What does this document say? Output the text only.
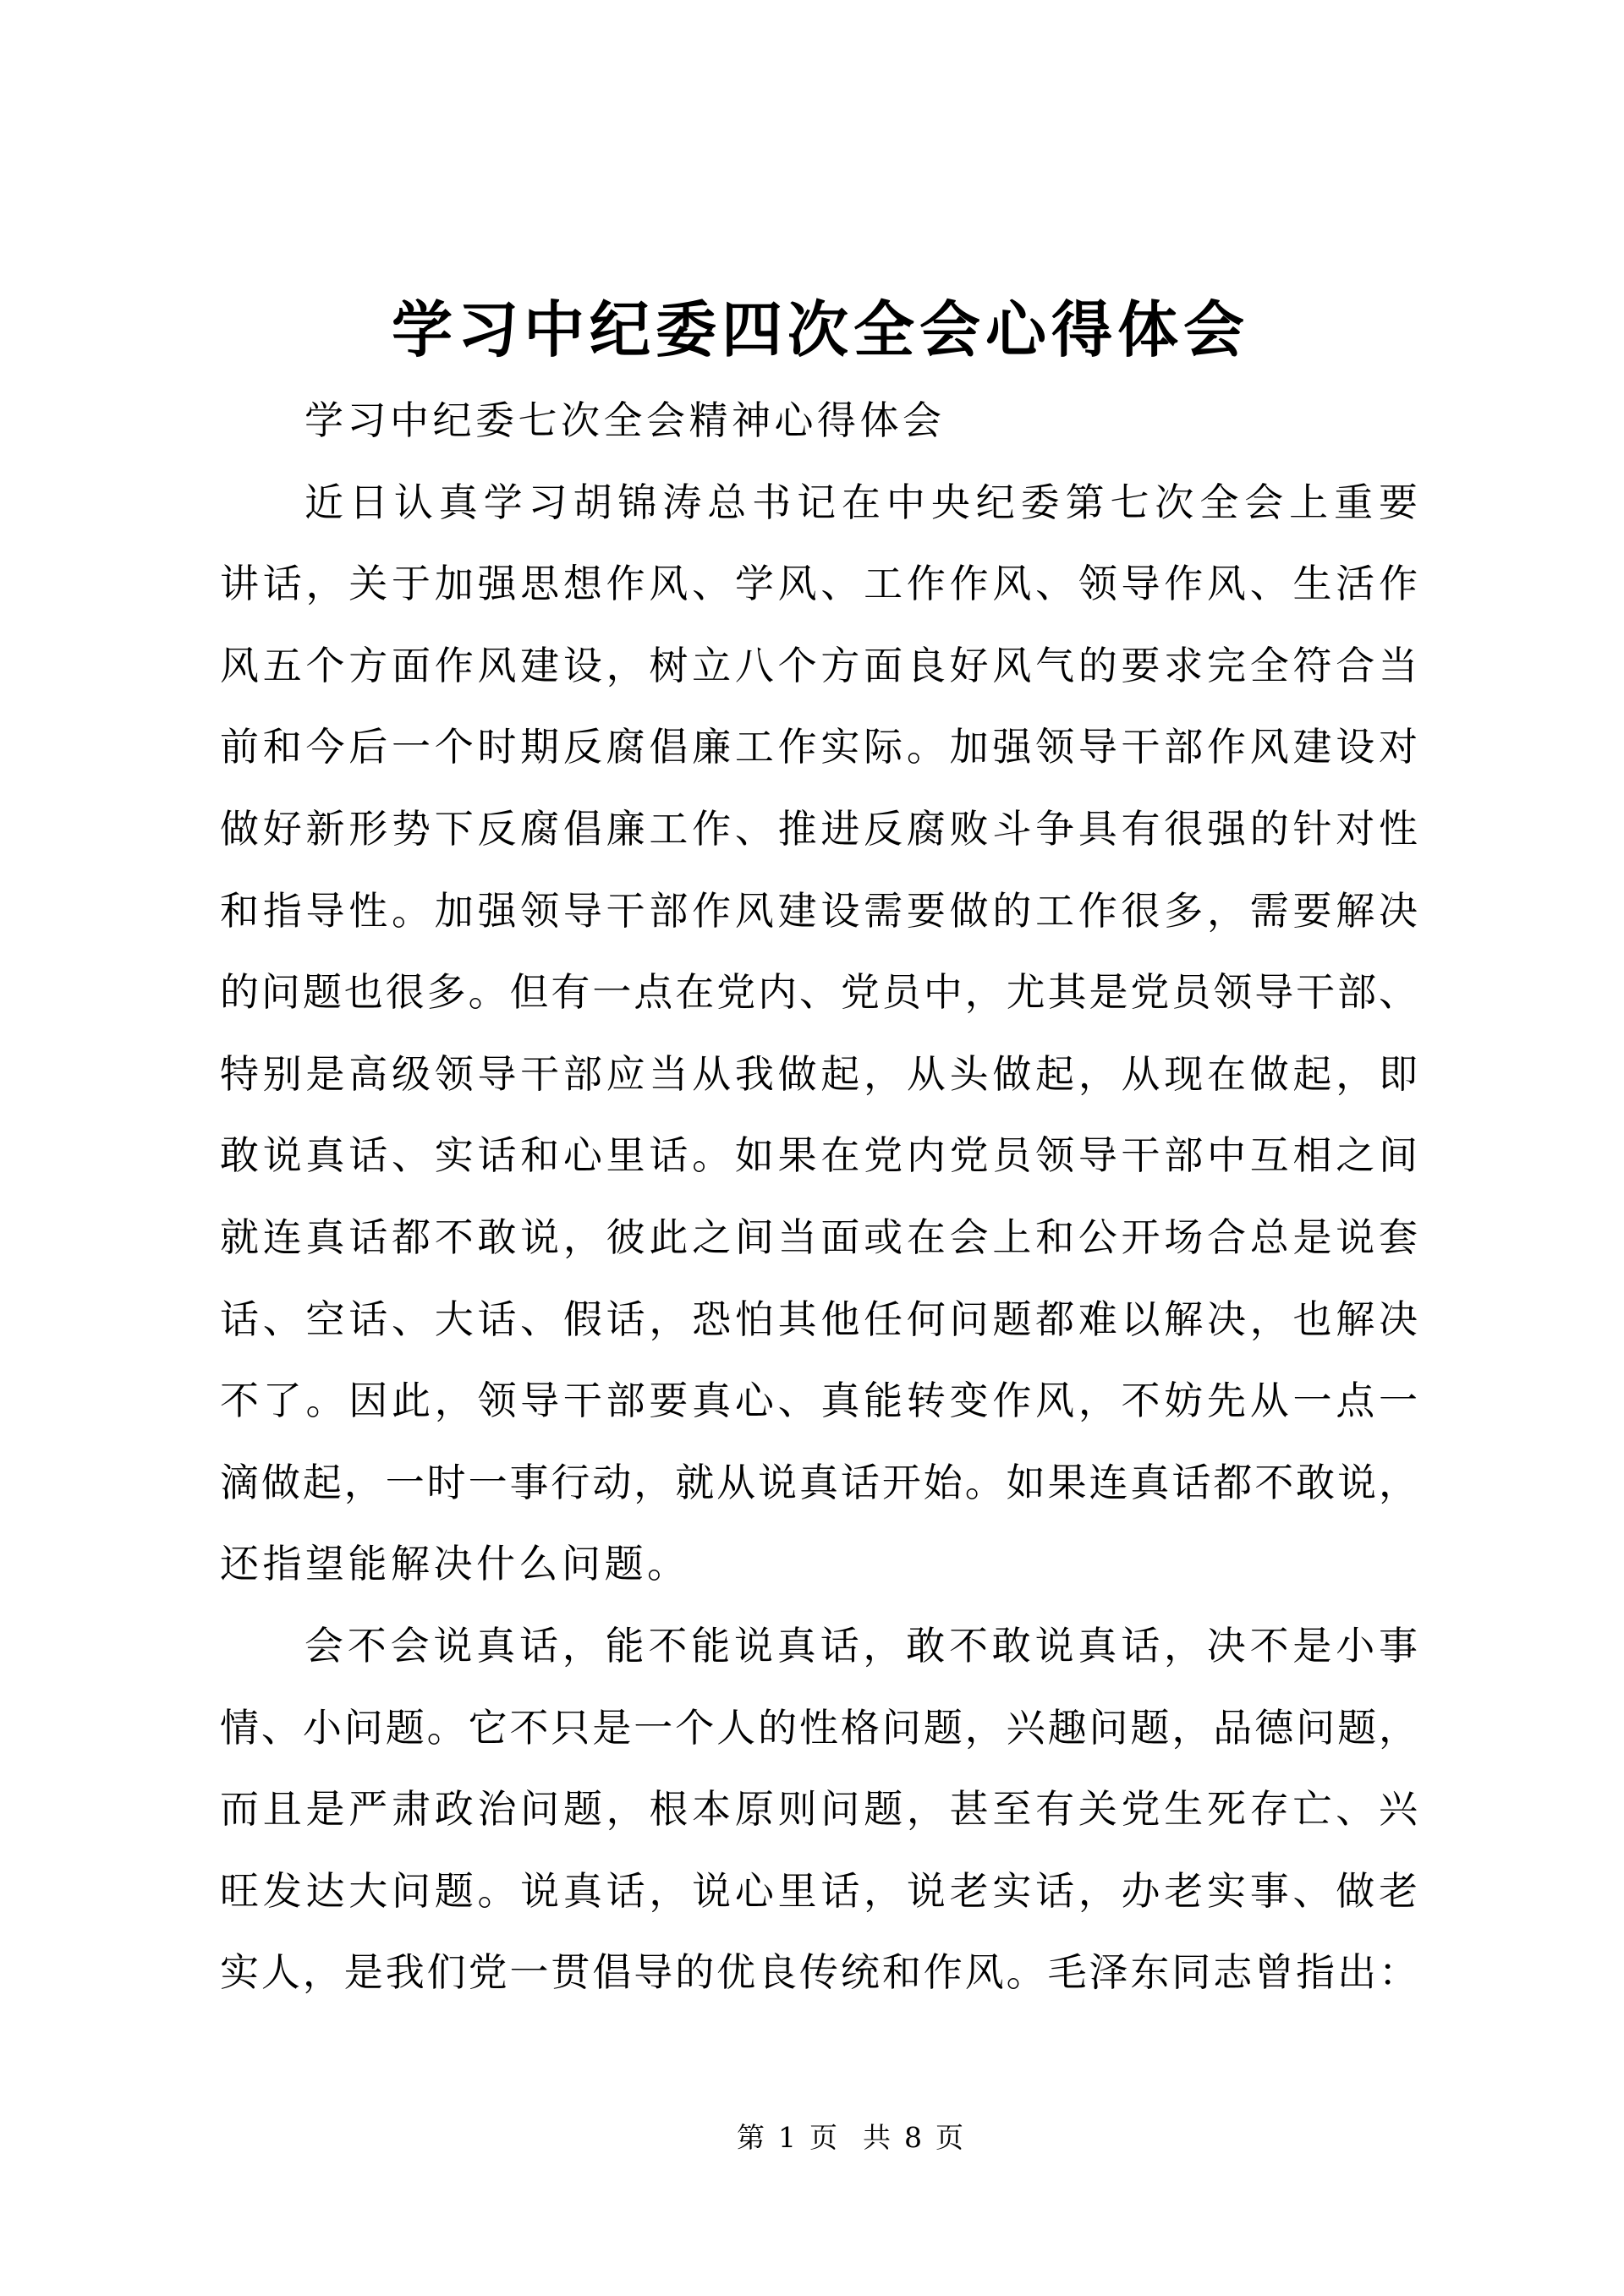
学习中纪委四次全会心得体会
学习中纪委七次全会精神心得体会
近日认真学习胡锦涛总书记在中央纪委第七次全会上重要
讲话，关于加强思想作风、学风、工作作风、领导作风、生活作
风五个方面作风建设，树立八个方面良好风气的要求完全符合当
前和今后一个时期反腐倡廉工作实际。加强领导干部作风建设对
做好新形势下反腐倡廉工作、推进反腐败斗争具有很强的针对性
和指导性。加强领导干部作风建设需要做的工作很多，需要解决
的问题也很多。但有一点在党内、党员中，尤其是党员领导干部、
特别是高级领导干部应当从我做起，从头做起，从现在做起，即
敢说真话、实话和心里话。如果在党内党员领导干部中互相之间
就连真话都不敢说，彼此之间当面或在会上和公开场合总是说套
话、空话、大话、假话，恐怕其他任何问题都难以解决，也解决
不了。因此，领导干部要真心、真能转变作风，不妨先从一点一
滴做起，一时一事行动，就从说真话开始。如果连真话都不敢说，
还指望能解决什么问题。
会不会说真话，能不能说真话，敢不敢说真话，决不是小事
情、小问题。它不只是一个人的性格问题，兴趣问题，品德问题，
而且是严肃政治问题，根本原则问题，甚至有关党生死存亡、兴
旺发达大问题。说真话，说心里话，说老实话，办老实事、做老
实人，是我们党一贯倡导的优良传统和作风。毛泽东同志曾指出：
第 1 页 共 8 页
